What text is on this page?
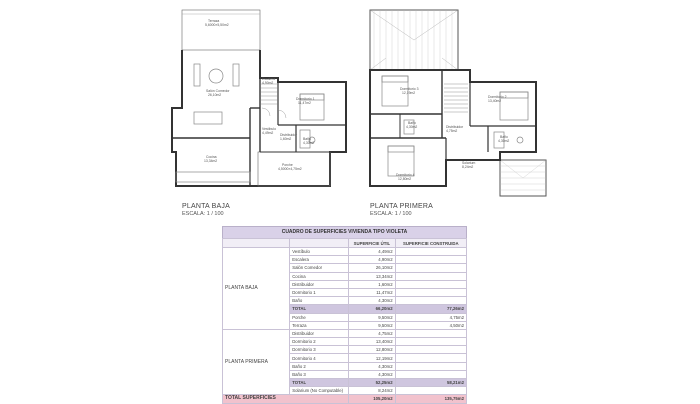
Terraza
5,6000×5,50m2
Salón Comedor
26,10m2
Escalera
4,90m2
Dormitorio 1
11,47m2
Vestíbulo
4,49m2 Distribuidor
1,60m2	Baño
4,30m2
Cocina
13,34m2
Porche
4,5000×4,75m2
Dormitorio 3
12,19m2
Dormitorio 2
13,40m2
Distribuidor
4,75m2
Baño
4,30m2
Baño
4,30m2
Dormitorio 4
12,80m2
Solarium
8,24m2
PLANTA BAJA
ESCALA: 1 / 100
PLANTA PRIMERA
ESCALA: 1 / 100
CUADRO DE SUPERFICIES VIVIENDA TIPO VIOLETA
		SUPERFICIE ÚTIL	SUPERFICIE CONSTRUIDA
PLANTA BAJA	Vestíbulo	4,49m2	
	Escalera	4,90m2	
	Salón Comedor	26,10m2	
	Cocina	13,34m2	
	Distribuidor	1,60m2	
	Dormitorio 1	11,47m2	
	Baño	4,30m2	
	TOTAL	66,20m2	77,26m2
	Porche	9,50m2	4,75m2
	Terraza	9,50m2	4,50m2
PLANTA PRIMERA	Distribuidor	4,75m2	
	Dormitorio 2	13,40m2	
	Dormitorio 3	12,80m2	
	Dormitorio 4	12,19m2	
	Baño 2	4,30m2	
	Baño 3	4,30m2	
	TOTAL	52,25m2	58,21m2
	Solarium (No Computable)	8,24m2	
TOTAL SUPERFICIES		105,20m2	135,75m2
